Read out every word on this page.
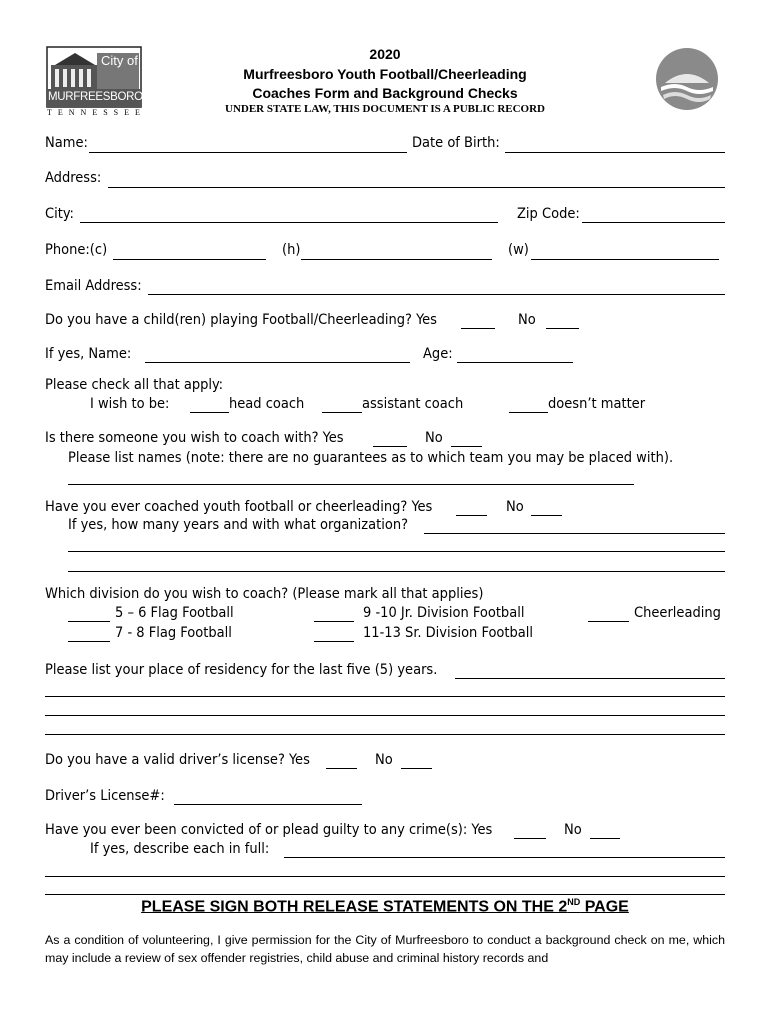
City of
MURFREESBORO
TENNESSEE
2020
Murfreesboro Youth Football/Cheerleading
Coaches Form and Background Checks
UNDER STATE LAW, THIS DOCUMENT IS A PUBLIC RECORD
Name:	Date of Birth:
Address:
City:	Zip Code:
Phone:(c)	(h)	(w)
Email Address:
Do you have a child(ren) playing Football/Cheerleading? Yes	No
If yes, Name:	Age:
Please check all that apply:
I wish to be:	head coach	assistant coach	doesn’t matter
Is there someone you wish to coach with? Yes	No
Please list names (note: there are no guarantees as to which team you may be placed with).
Have you ever coached youth football or cheerleading? Yes	No
If yes, how many years and with what organization?
Which division do you wish to coach? (Please mark all that applies)
5 – 6 Flag Football	9 -10 Jr. Division Football	Cheerleading
7 - 8 Flag Football	11-13 Sr. Division Football
Please list your place of residency for the last five (5) years.
Do you have a valid driver’s license? Yes	No
Driver’s License#:
Have you ever been convicted of or plead guilty to any crime(s): Yes	No
If yes, describe each in full:
PLEASE SIGN BOTH RELEASE STATEMENTS ON THE 2ND PAGE
As a condition of volunteering, I give permission for the City of Murfreesboro to conduct a background check on me, which may include a review of sex offender registries, child abuse and criminal history records and
